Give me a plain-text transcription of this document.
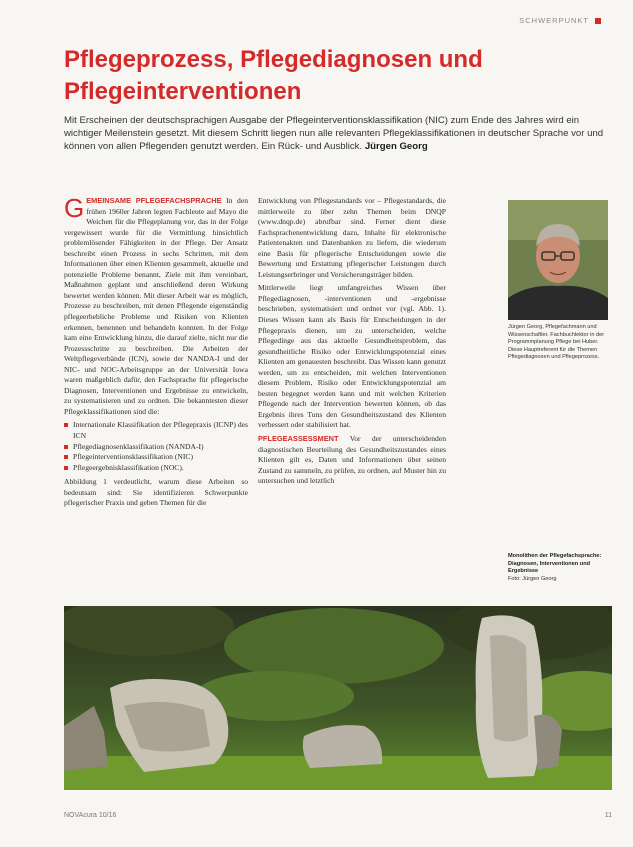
SCHWERPUNKT
Pflegeprozess, Pflegediagnosen und Pflegeinterventionen

Mit Erscheinen der deutschsprachigen Ausgabe der Pflegeinterventionsklassifikation (NIC) zum Ende des Jahres wird ein wichtiger Meilenstein gesetzt. Mit diesem Schritt liegen nun alle relevanten Pflegeklassifikationen in deutscher Sprache vor und können von allen Pflegenden genutzt werden. Ein Rück- und Ausblick. Jürgen Georg

G EMEINSAME PFLEGEFACHSPRACHE In den frühen 1960er Jahren legten Fachleute auf Mayo die Weichen für die Pflegeplanung vor, das in der Folge vergewissert wurde für die Vermittlung hinsichtlich problemlösender Fähigkeiten in der Pflege. Der Ansatz beschreibt einen Prozess in sechs Schritten, mit dem Informationen über einen Klienten gesammelt, aktuelle und potenzielle Probleme benannt, Ziele mit ihm vereinbart, Maßnahmen geplant und anschließend deren Wirkung bewertet werden können. Mit dieser Arbeit war es möglich, Prozesse zu beschreiben, mit denen Pflegende eigenständig pflegeerhebliche Probleme und Risiken von Klienten erkennen, benennen und behandeln konnten. In der Folge kam eine Entwicklung hinzu, die darauf zielte, nicht nur die Prozessschritte zu beschreiben. Die Arbeiten der Weltpflegeverbände (ICN), sowie der NANDA-I und der NIC- und NOC-Arbeitsgruppe an der Universität Iowa waren maßgeblich dafür, den Fachsprache für pflegerische Diagnosen, Interventionen und Ergebnisse zu entwickeln, zu systematisieren und zu ordnen. Die bekanntesten dieser Pflegeklassifikationen sind die:

Internationale Klassifikation der Pflegepraxis (ICNP) des ICN
Pflegediagnosenklassifikation (NANDA-I)
Pflegeinterventionsklassifikation (NIC)
Pflegeergebnisklassifikation (NOC).

Abbildung 1 verdeutlicht, warum diese Arbeiten so bedeutsam sind: Sie identifizieren Schwerpunkte pflegerischer Praxis und geben Themen für die

Entwicklung von Pflegestandards vor – Pflegestandards, die mittlerweile zu über zehn Themen beim DNQP (www.dnqp.de) abrufbar sind. Ferner dient diese Fachsprachenentwicklung dazu, Inhalte für elektronische Patientenakten und Datenbanken zu liefern, die wiederum eine Basis für pflegerische Entscheidungen sowie die Bewertung und Erstattung pflegerischer Leistungen durch Leistungserbringer und Versicherungsträger bilden.

Mittlerweile liegt umfangreiches Wissen über Pflegediagnosen, -interventionen und -ergebnisse beschrieben, systematisiert und ordnet vor (vgl. Abb. 1). Dieses Wissen kann als Basis für Entscheidungen in der Pflegepraxis dienen, um zu unterscheiden, welche Pflegedinge aus das aktuelle Gesundheitsproblem, das gesundheitliche Risiko oder Entwicklungspotenzial eines Klienten am genauesten beschreibt. Das Wissen kann genutzt werden, um zu entscheiden, mit welchen Interventionen diesem Problem, Risiko oder Entwicklungspotenzial am besten begegnet werden kann und mit welchen Kriterien Pflegende nach der Intervention bewerten können, ob das Ergebnis ihres Tuns den Gesundheitszustand des Klienten verbessert oder stabilisiert hat.

PFLEGEASSESSMENT Vor der unterscheidenden diagnostischen Beurteilung des Gesundheitszustandes eines Klienten gilt es, Daten und Informationen über seinen Zustand zu sammeln, zu prüfen, zu ordnen, auf Muster hin zu untersuchen und letztlich

Jürgen Georg, Pflegefachmann und Wissenschaftler. Fachbuchlektor in der Programmplanung Pflege bei Huber. Diese Hauptreferent für die Themen Pflegediagnosen und Pflegeprozess.
Monolithen der Pflegefachsprache: Diagnosen, Interventionen und Ergebnisse
Foto: Jürgen Georg
NOVAcura 10/16	11
